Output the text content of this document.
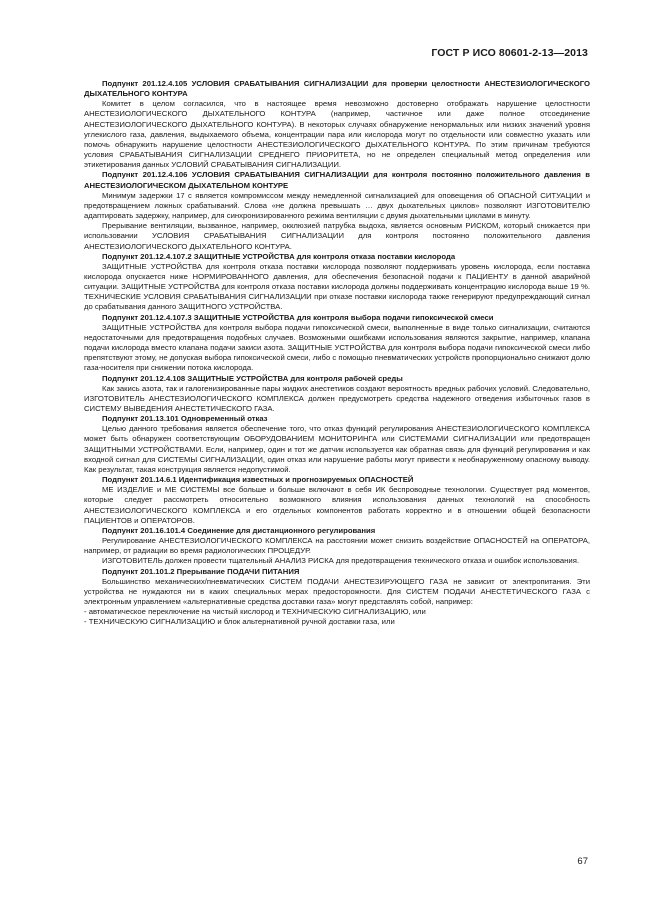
ГОСТ Р ИСО 80601-2-13—2013

Подпункт 201.12.4.105 УСЛОВИЯ СРАБАТЫВАНИЯ СИГНАЛИЗАЦИИ для проверки целостности АНЕСТЕЗИОЛОГИЧЕСКОГО ДЫХАТЕЛЬНОГО КОНТУРА

Комитет в целом согласился, что в настоящее время невозможно достоверно отображать нарушение целостности АНЕСТЕЗИОЛОГИЧЕСКОГО ДЫХАТЕЛЬНОГО КОНТУРА (например, частичное или даже полное отсоединение АНЕСТЕЗИОЛОГИЧЕСКОГО ДЫХАТЕЛЬНОГО КОНТУРА). В некоторых случаях обнаружение ненормальных или низких значений уровня углекислого газа, давления, выдыхаемого объема, концентрации пара или кислорода могут по отдельности или совместно указать или помочь обнаружить нарушение целостности АНЕСТЕЗИОЛОГИЧЕСКОГО ДЫХАТЕЛЬНОГО КОНТУРА. По этим причинам требуются условия СРАБАТЫВАНИЯ СИГНАЛИЗАЦИИ СРЕДНЕГО ПРИОРИТЕТА, но не определен специальный метод определения или этикетирования данных УСЛОВИЙ СРАБАТЫВАНИЯ СИГНАЛИЗАЦИИ.

Подпункт 201.12.4.106 УСЛОВИЯ СРАБАТЫВАНИЯ СИГНАЛИЗАЦИИ для контроля постоянно положительного давления в АНЕСТЕЗИОЛОГИЧЕСКОМ ДЫХАТЕЛЬНОМ КОНТУРЕ

Минимум задержки 17 с является компромиссом между немедленной сигнализацией для оповещения об ОПАСНОЙ СИТУАЦИИ и предотвращением ложных срабатываний. Слова «не должна превышать … двух дыхательных циклов» позволяют ИЗГОТОВИТЕЛЮ адаптировать задержку, например, для синхронизированного режима вентиляции с двумя дыхательными циклами в минуту.

Прерывание вентиляции, вызванное, например, окклюзией патрубка выдоха, является основным РИСКОМ, который снижается при использовании УСЛОВИЯ СРАБАТЫВАНИЯ СИГНАЛИЗАЦИИ для контроля постоянно положительного давления АНЕСТЕЗИОЛОГИЧЕСКОГО ДЫХАТЕЛЬНОГО КОНТУРА.

Подпункт 201.12.4.107.2 ЗАЩИТНЫЕ УСТРОЙСТВА для контроля отказа поставки кислорода

ЗАЩИТНЫЕ УСТРОЙСТВА для контроля отказа поставки кислорода позволяют поддерживать уровень кислорода, если поставка кислорода опускается ниже НОРМИРОВАННОГО давления, для обеспечения безопасной подачи к ПАЦИЕНТУ в данной аварийной ситуации. ЗАЩИТНЫЕ УСТРОЙСТВА для контроля отказа поставки кислорода должны поддерживать концентрацию кислорода выше 19 %. ТЕХНИЧЕСКИЕ УСЛОВИЯ СРАБАТЫВАНИЯ СИГНАЛИЗАЦИИ при отказе поставки кислорода также генерируют предупреждающий сигнал до срабатывания данного ЗАЩИТНОГО УСТРОЙСТВА.

Подпункт 201.12.4.107.3 ЗАЩИТНЫЕ УСТРОЙСТВА для контроля выбора подачи гипоксической смеси

ЗАЩИТНЫЕ УСТРОЙСТВА для контроля выбора подачи гипоксической смеси, выполненные в виде только сигнализации, считаются недостаточными для предотвращения подобных случаев. Возможными ошибками использования являются закрытие, например, клапана подачи кислорода вместо клапана подачи закиси азота. ЗАЩИТНЫЕ УСТРОЙСТВА для контроля выбора подачи гипоксической смеси либо препятствуют этому, не допуская выбора гипоксической смеси, либо с помощью пневматических устройств пропорционально снижают долю газа-носителя при снижении потока кислорода.

Подпункт 201.12.4.108 ЗАЩИТНЫЕ УСТРОЙСТВА для контроля рабочей среды

Как закись азота, так и галогенизированные пары жидких анестетиков создают вероятность вредных рабочих условий. Следовательно, ИЗГОТОВИТЕЛЬ АНЕСТЕЗИОЛОГИЧЕСКОГО КОМПЛЕКСА должен предусмотреть средства надежного отведения избыточных газов в СИСТЕМУ ВЫВЕДЕНИЯ АНЕСТЕТИЧЕСКОГО ГАЗА.

Подпункт 201.13.101 Одновременный отказ

Целью данного требования является обеспечение того, что отказ функций регулирования АНЕСТЕЗИОЛОГИЧЕСКОГО КОМПЛЕКСА может быть обнаружен соответствующим ОБОРУДОВАНИЕМ МОНИТОРИНГА или СИСТЕМАМИ СИГНАЛИЗАЦИИ или предотвращен ЗАЩИТНЫМИ УСТРОЙСТВАМИ. Если, например, один и тот же датчик используется как обратная связь для функций регулирования и как входной сигнал для СИСТЕМЫ СИГНАЛИЗАЦИИ, один отказ или нарушение работы могут привести к необнаруженному опасному выводу. Как результат, такая конструкция является недопустимой.

Подпункт 201.14.6.1 Идентификация известных и прогнозируемых ОПАСНОСТЕЙ

МЕ ИЗДЕЛИЕ и МЕ СИСТЕМЫ все больше и больше включают в себя ИК беспроводные технологии. Существует ряд моментов, которые следует рассмотреть относительно возможного влияния использования данных технологий на способность АНЕСТЕЗИОЛОГИЧЕСКОГО КОМПЛЕКСА и его отдельных компонентов работать корректно и в отношении общей безопасности ПАЦИЕНТОВ и ОПЕРАТОРОВ.

Подпункт 201.16.101.4 Соединение для дистанционного регулирования

Регулирование АНЕСТЕЗИОЛОГИЧЕСКОГО КОМПЛЕКСА на расстоянии может снизить воздействие ОПАСНОСТЕЙ на ОПЕРАТОРА, например, от радиации во время радиологических ПРОЦЕДУР.

ИЗГОТОВИТЕЛЬ должен провести тщательный АНАЛИЗ РИСКА для предотвращения технического отказа и ошибок использования.

Подпункт 201.101.2 Прерывание ПОДАЧИ ПИТАНИЯ

Большинство механических/пневматических СИСТЕМ ПОДАЧИ АНЕСТЕЗИРУЮЩЕГО ГАЗА не зависит от электропитания. Эти устройства не нуждаются ни в каких специальных мерах предосторожности. Для СИСТЕМ ПОДАЧИ АНЕСТЕТИЧЕСКОГО ГАЗА с электронным управлением «альтернативные средства доставки газа» могут представлять собой, например:

- автоматическое переключение на чистый кислород и ТЕХНИЧЕСКУЮ СИГНАЛИЗАЦИЮ, или

- ТЕХНИЧЕСКУЮ СИГНАЛИЗАЦИЮ и блок альтернативной ручной доставки газа, или

67
